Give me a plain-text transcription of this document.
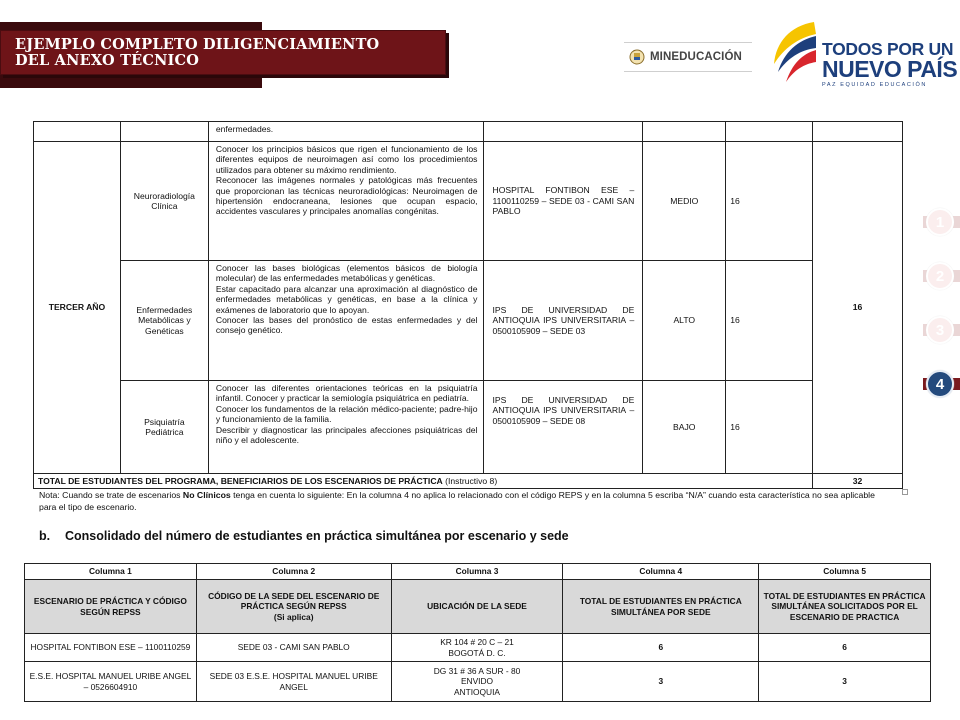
EJEMPLO COMPLETO DILIGENCIAMIENTO
DEL ANEXO TÉCNICO	MINEDUCACIÓN	TODOS POR UN
NUEVO PAÍS
PAZ EQUIDAD EDUCACIÓN
1
2
3
4
		enfermedades.				
TERCER AÑO	Neuroradiología Clínica	Conocer los principios básicos que rigen el funcionamiento de los diferentes equipos de neuroimagen así como los procedimientos utilizados para obtener su máximo rendimiento.
Reconocer las imágenes normales y patológicas más frecuentes que proporcionan las técnicas neuroradiológicas: Neuroimagen de hipertensión endocraneana, lesiones que ocupan espacio, accidentes vasculares y principales anomalías congénitas.	HOSPITAL FONTIBON ESE – 1100110259 – SEDE 03 - CAMI SAN PABLO	MEDIO	16	16
	Enfermedades Metabólicas y Genéticas	Conocer las bases biológicas (elementos básicos de biología molecular) de las enfermedades metabólicas y genéticas.
Estar capacitado para alcanzar una aproximación al diagnóstico de enfermedades metabólicas y genéticas, en base a la clínica y exámenes de laboratorio que lo apoyan.
Conocer las bases del pronóstico de estas enfermedades y del consejo genético.	IPS DE UNIVERSIDAD DE ANTIOQUIA IPS UNIVERSITARIA – 0500105909 – SEDE 03	ALTO	16	
	Psiquiatría Pediátrica	Conocer las diferentes orientaciones teóricas en la psiquiatría infantil. Conocer y practicar la semiología psiquiátrica en pediatría.
Conocer los fundamentos de la relación médico-paciente; padre-hijo y funcionamiento de la familia.
Describir y diagnosticar las principales afecciones psiquiátricas del niño y el adolescente.	IPS DE UNIVERSIDAD DE ANTIOQUIA IPS UNIVERSITARIA – 0500105909 – SEDE 08	BAJO	16	
TOTAL DE ESTUDIANTES DEL PROGRAMA, BENEFICIARIOS DE LOS ESCENARIOS DE PRÁCTICA (Instructivo 8)						32
Nota: Cuando se trate de escenarios No Clínicos tenga en cuenta lo siguiente: En la columna 4 no aplica lo relacionado con el código REPS y en la columna 5 escriba “N/A” cuando esta característica no sea aplicable para el tipo de escenario.
b. Consolidado del número de estudiantes en práctica simultánea por escenario y sede
Columna 1	Columna 2	Columna 3	Columna 4	Columna 5	
ESCENARIO DE PRÁCTICA Y CÓDIGO SEGÚN REPSS	CÓDIGO DE LA SEDE DEL ESCENARIO DE PRÁCTICA SEGÚN REPSS
(Si aplica)	UBICACIÓN DE LA SEDE	TOTAL DE ESTUDIANTES EN PRÁCTICA SIMULTÁNEA POR SEDE	TOTAL DE ESTUDIANTES EN PRÁCTICA SIMULTÁNEA SOLICITADOS POR EL ESCENARIO DE PRACTICA	
HOSPITAL FONTIBON ESE – 1100110259	SEDE 03 - CAMI SAN PABLO	KR 104 # 20 C – 21
BOGOTÁ D. C.	6	6	
E.S.E. HOSPITAL MANUEL URIBE ANGEL – 0526604910	SEDE 03 E.S.E. HOSPITAL MANUEL URIBE ANGEL	DG 31 # 36 A SUR - 80
ENVIDO
ANTIOQUIA	3	3	
